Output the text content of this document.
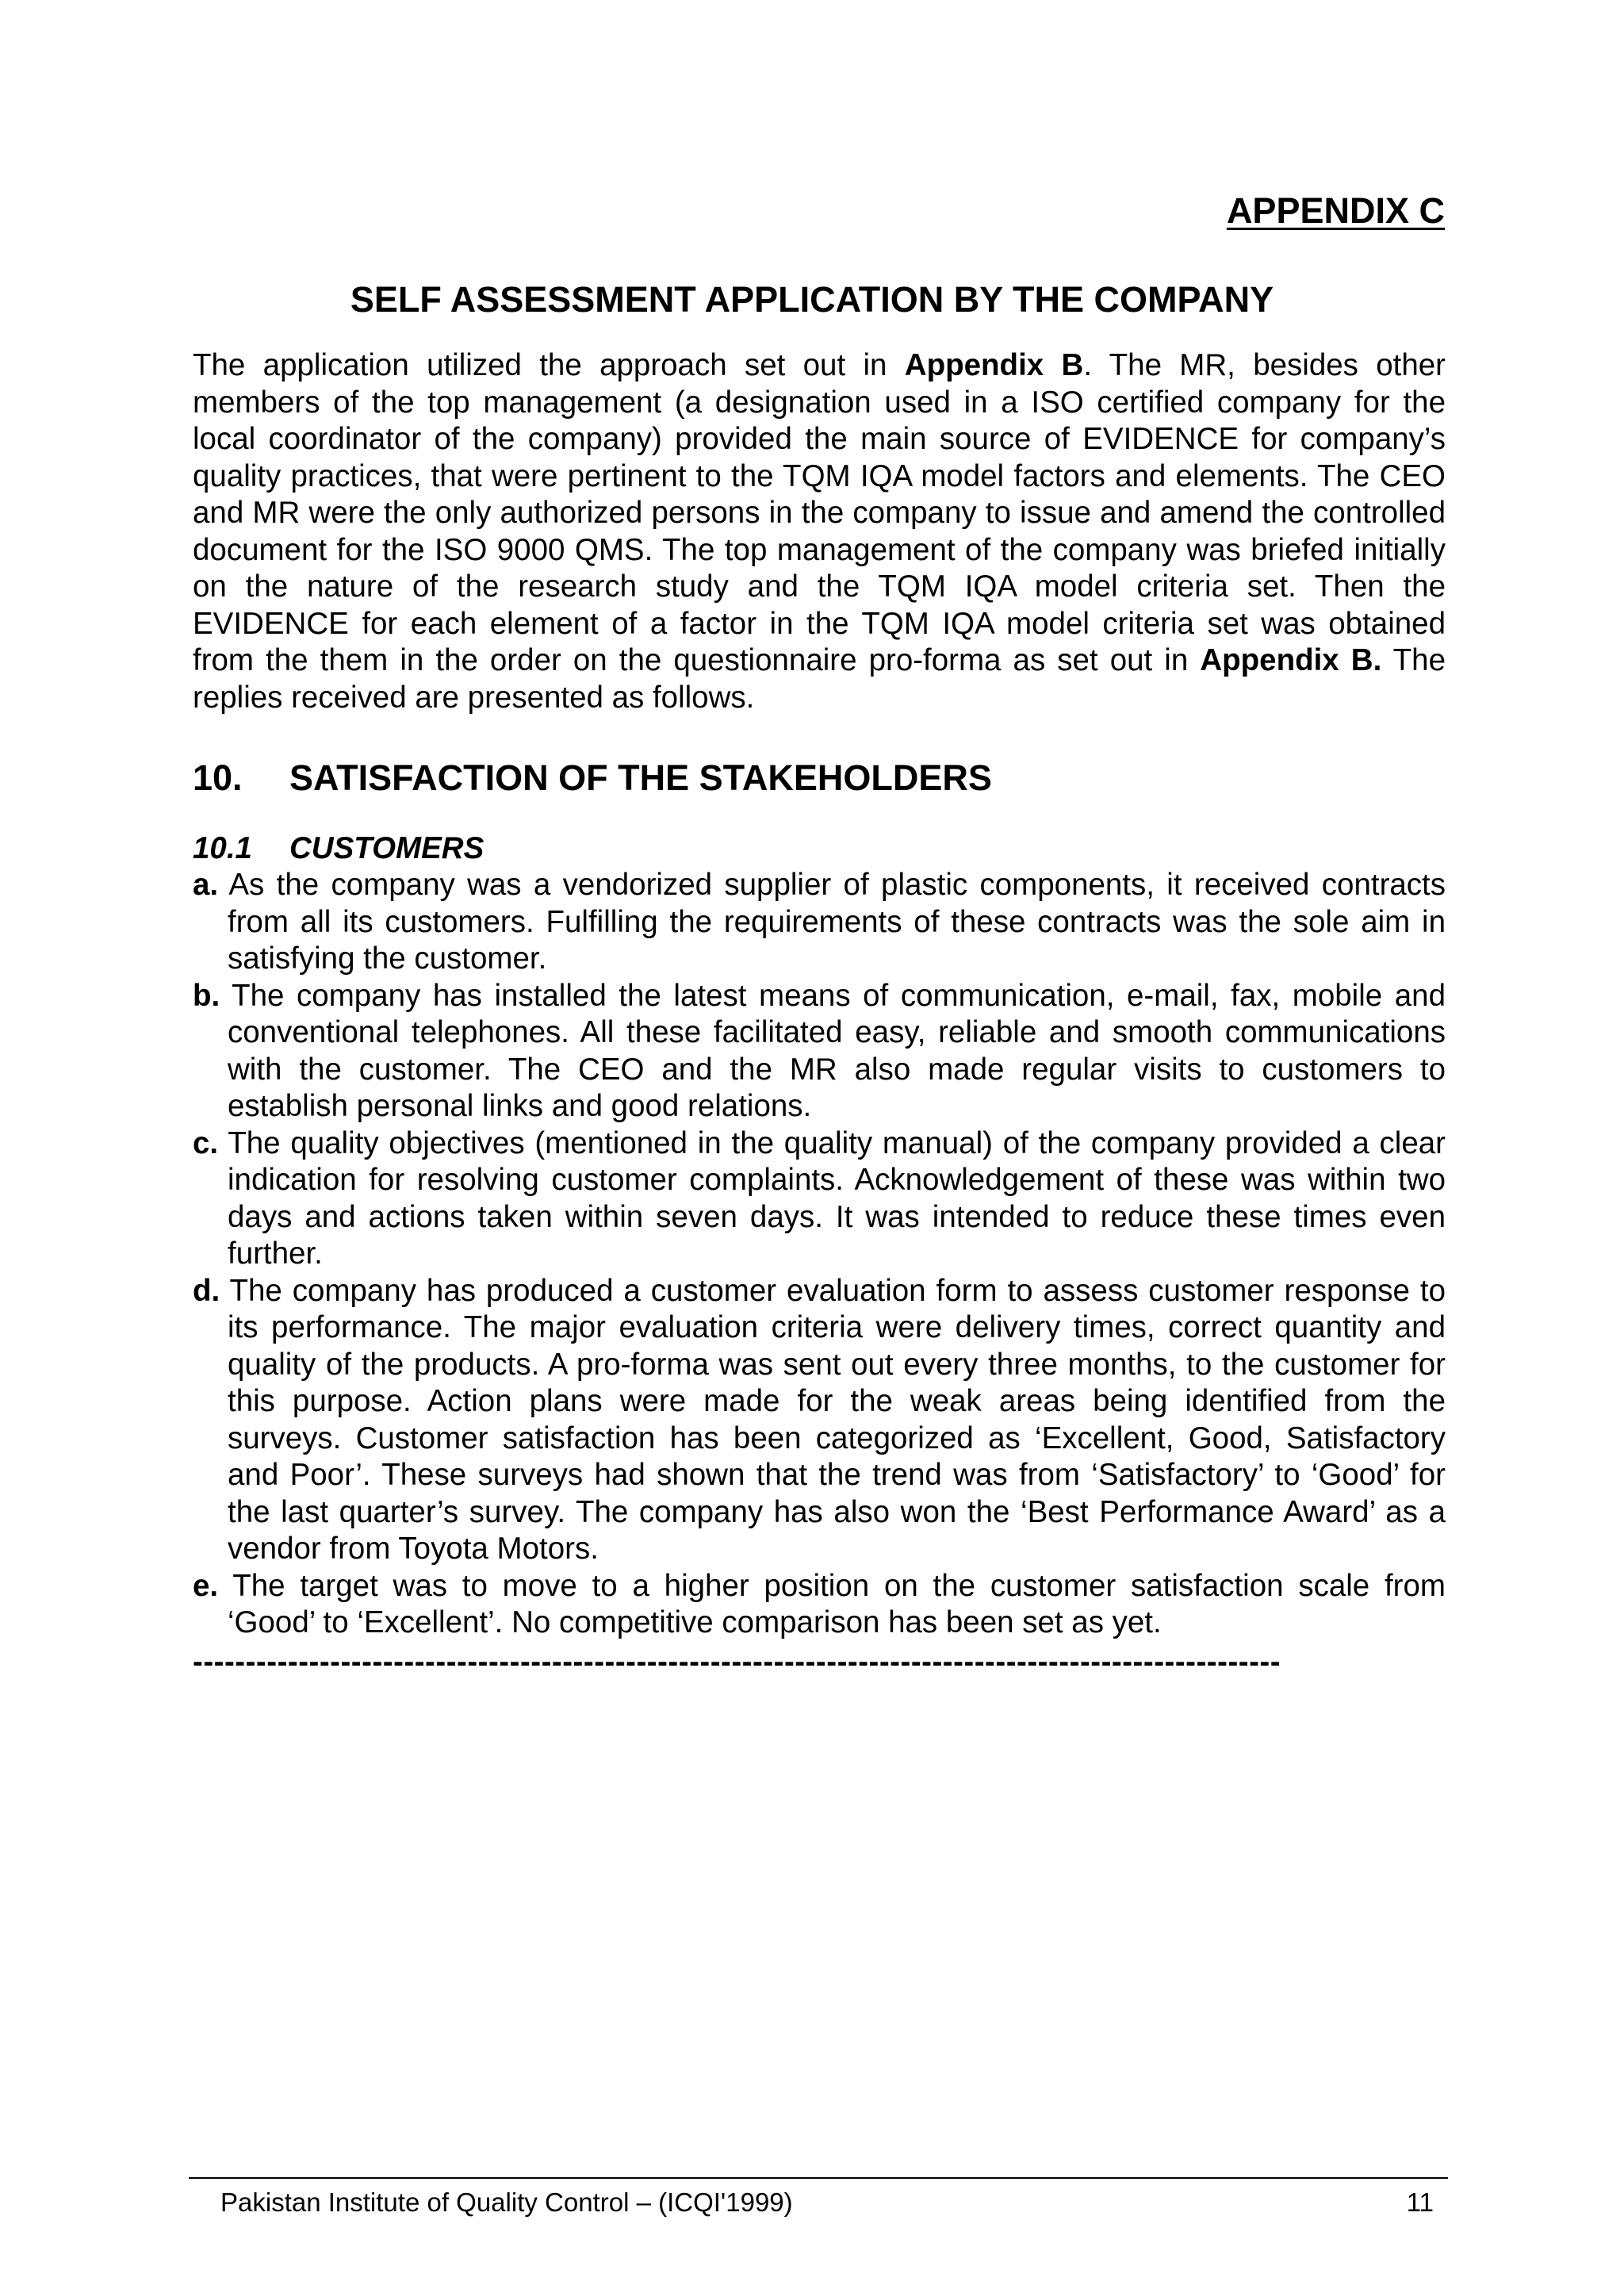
APPENDIX C
SELF ASSESSMENT APPLICATION BY THE COMPANY

The application utilized the approach set out in Appendix B. The MR, besides other members of the top management (a designation used in a ISO certified company for the local coordinator of the company) provided the main source of EVIDENCE for company’s quality practices, that were pertinent to the TQM IQA model factors and elements. The CEO and MR were the only authorized persons in the company to issue and amend the controlled document for the ISO 9000 QMS. The top management of the company was briefed initially on the nature of the research study and the TQM IQA model criteria set. Then the EVIDENCE for each element of a factor in the TQM IQA model criteria set was obtained from the them in the order on the questionnaire pro-forma as set out in Appendix B. The replies received are presented as follows.

10. SATISFACTION OF THE STAKEHOLDERS
10.1 CUSTOMERS
a. As the company was a vendorized supplier of plastic components, it received contracts from all its customers. Fulfilling the requirements of these contracts was the sole aim in satisfying the customer.
b. The company has installed the latest means of communication, e-mail, fax, mobile and conventional telephones. All these facilitated easy, reliable and smooth communications with the customer. The CEO and the MR also made regular visits to customers to establish personal links and good relations.
c. The quality objectives (mentioned in the quality manual) of the company provided a clear indication for resolving customer complaints. Acknowledgement of these was within two days and actions taken within seven days. It was intended to reduce these times even further.
d. The company has produced a customer evaluation form to assess customer response to its performance. The major evaluation criteria were delivery times, correct quantity and quality of the products. A pro-forma was sent out every three months, to the customer for this purpose. Action plans were made for the weak areas being identified from the surveys. Customer satisfaction has been categorized as ‘Excellent, Good, Satisfactory and Poor’. These surveys had shown that the trend was from ‘Satisfactory’ to ‘Good’ for the last quarter’s survey. The company has also won the ‘Best Performance Award’ as a vendor from Toyota Motors.
e. The target was to move to a higher position on the customer satisfaction scale from ‘Good’ to ‘Excellent’. No competitive comparison has been set as yet.
-------------------------------------------------------------------------------------------------------
Pakistan Institute of Quality Control – (ICQI'1999)	11
